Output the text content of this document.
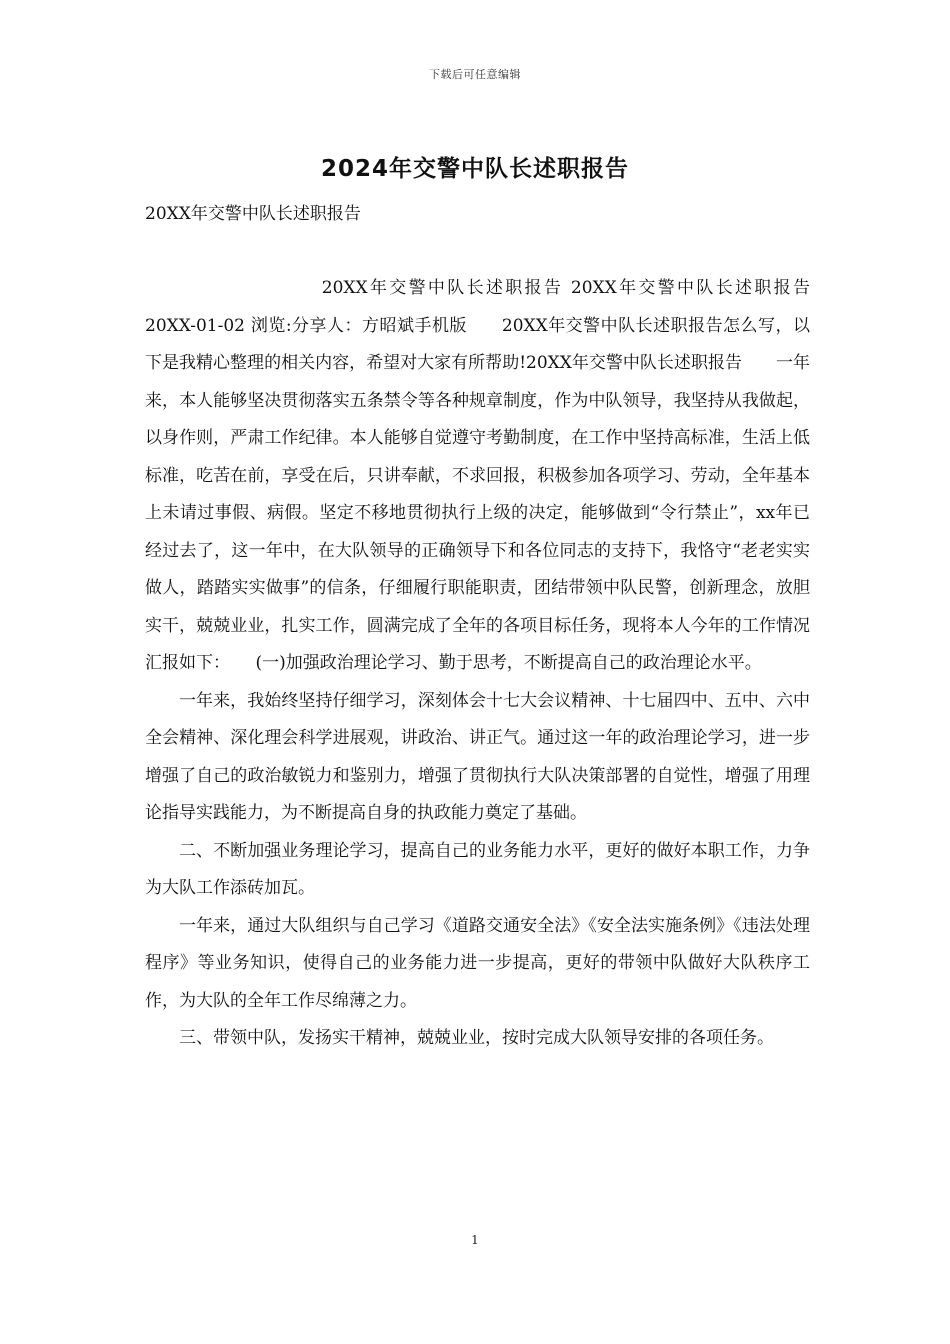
下载后可任意编辑
2024年交警中队长述职报告
20XX年交警中队长述职报告

20XX年交警中队长述职报告 20XX年交警中队长述职报告 20XX-01-02 浏览:分享人：方昭斌手机版　　20XX年交警中队长述职报告怎么写，以下是我精心整理的相关内容，希望对大家有所帮助!20XX年交警中队长述职报告　　一年来，本人能够坚决贯彻落实五条禁令等各种规章制度，作为中队领导，我坚持从我做起，以身作则，严肃工作纪律。本人能够自觉遵守考勤制度，在工作中坚持高标准，生活上低标准，吃苦在前，享受在后，只讲奉献，不求回报，积极参加各项学习、劳动，全年基本上未请过事假、病假。坚定不移地贯彻执行上级的决定，能够做到“令行禁止”，xx年已经过去了，这一年中，在大队领导的正确领导下和各位同志的支持下，我恪守“老老实实做人，踏踏实实做事”的信条，仔细履行职能职责，团结带领中队民警，创新理念，放胆实干，兢兢业业，扎实工作，圆满完成了全年的各项目标任务，现将本人今年的工作情况汇报如下：　　(一)加强政治理论学习、勤于思考，不断提高自己的政治理论水平。

一年来，我始终坚持仔细学习，深刻体会十七大会议精神、十七届四中、五中、六中全会精神、深化理会科学进展观，讲政治、讲正气。通过这一年的政治理论学习，进一步增强了自己的政治敏锐力和鉴别力，增强了贯彻执行大队决策部署的自觉性，增强了用理论指导实践能力，为不断提高自身的执政能力奠定了基础。

二、不断加强业务理论学习，提高自己的业务能力水平，更好的做好本职工作，力争为大队工作添砖加瓦。

一年来，通过大队组织与自己学习《道路交通安全法》《安全法实施条例》《违法处理程序》等业务知识，使得自己的业务能力进一步提高，更好的带领中队做好大队秩序工作，为大队的全年工作尽绵薄之力。

三、带领中队，发扬实干精神，兢兢业业，按时完成大队领导安排的各项任务。

1
